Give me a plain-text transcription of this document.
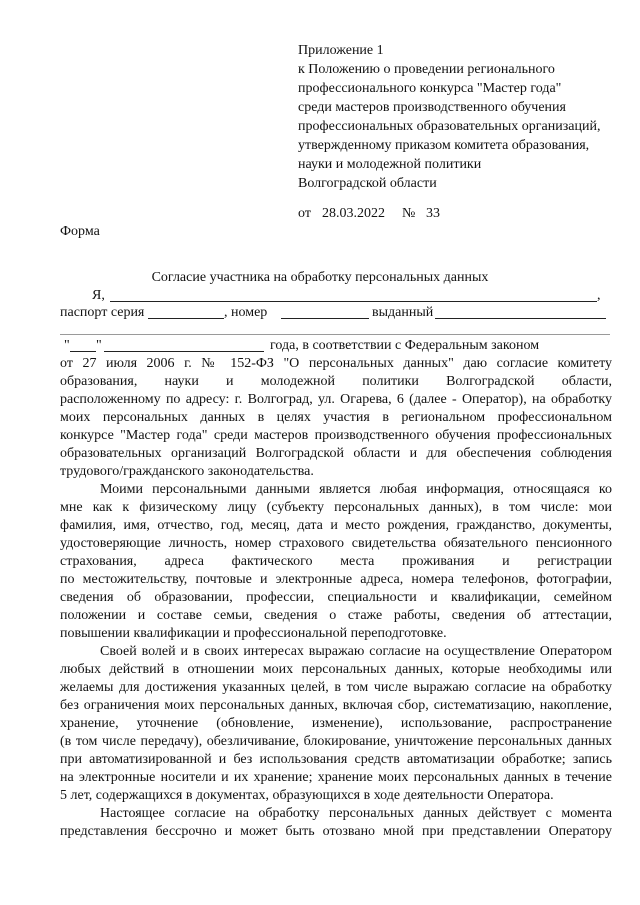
Приложение 1
к Положению о проведении регионального
профессионального конкурса "Мастер года"
среди мастеров производственного обучения
профессиональных образовательных организаций,
утвержденному приказом комитета образования,
науки и молодежной политики
Волгоградской области
от 28.03.2022 № 33
Форма
Согласие участника на обработку персональных данных
Я,	,
паспорт серия	, номер	выданный
" "	года, в соответствии с Федеральным законом
от 27 июля 2006 г. № 152-ФЗ "О персональных данных" даю согласие комитету
образования, науки и молодежной политики Волгоградской области,
расположенному по адресу: г. Волгоград, ул. Огарева, 6 (далее - Оператор), на обработку
моих персональных данных в целях участия в региональном профессиональном
конкурсе "Мастер года" среди мастеров производственного обучения профессиональных
образовательных организаций Волгоградской области и для обеспечения соблюдения
трудового/гражданского законодательства.
Моими персональными данными является любая информация, относящаяся ко
мне как к физическому лицу (субъекту персональных данных), в том числе: мои
фамилия, имя, отчество, год, месяц, дата и место рождения, гражданство, документы,
удостоверяющие личность, номер страхового свидетельства обязательного пенсионного
страхования, адреса фактического места проживания и регистрации
по местожительству, почтовые и электронные адреса, номера телефонов, фотографии,
сведения об образовании, профессии, специальности и квалификации, семейном
положении и составе семьи, сведения о стаже работы, сведения об аттестации,
повышении квалификации и профессиональной переподготовке.
Своей волей и в своих интересах выражаю согласие на осуществление Оператором
любых действий в отношении моих персональных данных, которые необходимы или
желаемы для достижения указанных целей, в том числе выражаю согласие на обработку
без ограничения моих персональных данных, включая сбор, систематизацию, накопление,
хранение, уточнение (обновление, изменение), использование, распространение
(в том числе передачу), обезличивание, блокирование, уничтожение персональных данных
при автоматизированной и без использования средств автоматизации обработке; запись
на электронные носители и их хранение; хранение моих персональных данных в течение
5 лет, содержащихся в документах, образующихся в ходе деятельности Оператора.
Настоящее согласие на обработку персональных данных действует с момента
представления бессрочно и может быть отозвано мной при представлении Оператору
